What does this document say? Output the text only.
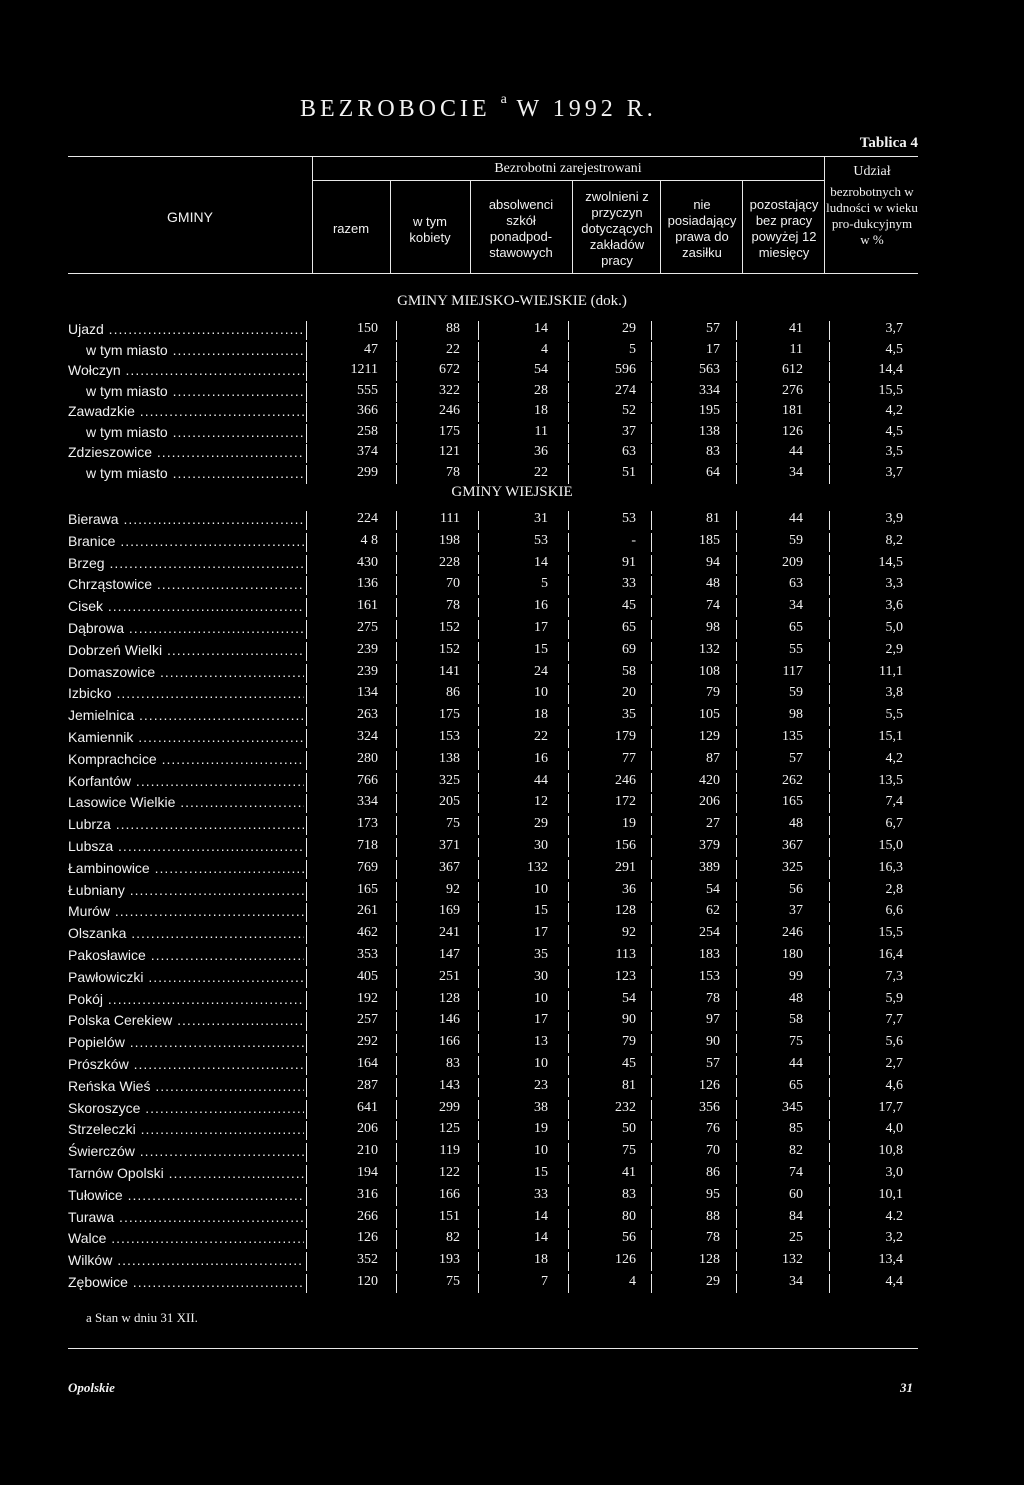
BEZROBOCIE $^a$ W 1992 R.
Tablica 4
GMINY
Bezrobotni zarejestrowani
razem	w tym kobiety
absolwenci szkół ponadpod-stawowych
zwolnieni z przyczyn dotyczących zakładów pracy
nie posiadający prawa do zasiłku
pozostający bez pracy powyżej 12 miesięcy
Udział
bezrobotnych w ludności w wieku pro-dukcyjnym w %
GMINY MIEJSKO-WIEJSKIE (dok.)
Ujazd .....	150	88	14	29	57	41	3,7
w tym miasto .....	47	22	4	5	17	11	4,5
Wołczyn .....	1211	672	54	596	563	612	14,4
w tym miasto .....	555	322	28	274	334	276	15,5
Zawadzkie .....	366	246	18	52	195	181	4,2
w tym miasto .....	258	175	11	37	138	126	4,5
Zdzieszowice .....	374	121	36	63	83	44	3,5
w tym miasto .....	299	78	22	51	64	34	3,7
GMINY WIEJSKIE
Bierawa .....	224	111	31	53	81	44	3,9
Branice .....	4 8	198	53	-	185	59	8,2
Brzeg .....	430	228	14	91	94	209	14,5
Chrząstowice .....	136	70	5	33	48	63	3,3
Cisek .....	161	78	16	45	74	34	3,6
Dąbrowa .....	275	152	17	65	98	65	5,0
Dobrzeń Wielki .....	239	152	15	69	132	55	2,9
Domaszowice .....	239	141	24	58	108	117	11,1
Izbicko .....	134	86	10	20	79	59	3,8
Jemielnica .....	263	175	18	35	105	98	5,5
Kamiennik .....	324	153	22	179	129	135	15,1
Komprachcice .....	280	138	16	77	87	57	4,2
Korfantów .....	766	325	44	246	420	262	13,5
Lasowice Wielkie .....	334	205	12	172	206	165	7,4
Lubrza .....	173	75	29	19	27	48	6,7
Lubsza .....	718	371	30	156	379	367	15,0
Łambinowice .....	769	367	132	291	389	325	16,3
Łubniany .....	165	92	10	36	54	56	2,8
Murów .....	261	169	15	128	62	37	6,6
Olszanka .....	462	241	17	92	254	246	15,5
Pakosławice .....	353	147	35	113	183	180	16,4
Pawłowiczki .....	405	251	30	123	153	99	7,3
Pokój .....	192	128	10	54	78	48	5,9
Polska Cerekiew .....	257	146	17	90	97	58	7,7
Popielów .....	292	166	13	79	90	75	5,6
Prószków .....	164	83	10	45	57	44	2,7
Reńska Wieś .....	287	143	23	81	126	65	4,6
Skoroszyce .....	641	299	38	232	356	345	17,7
Strzeleczki .....	206	125	19	50	76	85	4,0
Świerczów .....	210	119	10	75	70	82	10,8
Tarnów Opolski .....	194	122	15	41	86	74	3,0
Tułowice .....	316	166	33	83	95	60	10,1
Turawa .....	266	151	14	80	88	84	4.2
Walce .....	126	82	14	56	78	25	3,2
Wilków .....	352	193	18	126	128	132	13,4
Zębowice .....	120	75	7	4	29	34	4,4
a Stan w dniu 31 XII.
Opolskie	31
